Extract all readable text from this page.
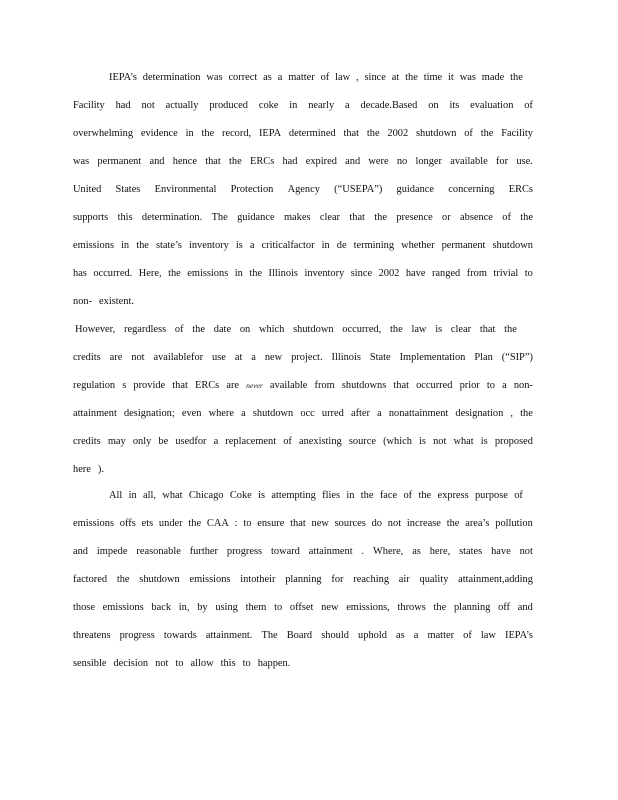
IEPA’s determination was correct as a matter of law , since at the time it was made the
Facility had not actually produced coke in nearly a decade.Based on its evaluation of
overwhelming evidence in the record, IEPA determined that the 2002 shutdown of the Facility
was permanent and hence that the ERCs had expired and were no longer available for use.
United States Environmental Protection Agency (“USEPA”) guidance concerning ERCs
supports this determination. The guidance makes clear that the presence or absence of the
emissions in the state’s inventory is a criticalfactor in de termining whether permanent shutdown
has occurred. Here, the emissions in the Illinois inventory since 2002 have ranged from trivial to
non- existent.
However, regardless of the date on which shutdown occurred, the law is clear that the
credits are not availablefor use at a new project. Illinois State Implementation Plan (“SIP”)
regulation s provide that ERCs are never available from shutdowns that occurred prior to a non-
attainment designation; even where a shutdown occ urred after a nonattainment designation , the
credits may only be usedfor a replacement of anexisting source (which is not what is proposed
here ).
All in all, what Chicago Coke is attempting flies in the face of the express purpose of
emissions offs ets under the CAA : to ensure that new sources do not increase the area’s pollution
and impede reasonable further progress toward attainment . Where, as here, states have not
factored the shutdown emissions intotheir planning for reaching air quality attainment,adding
those emissions back in, by using them to offset new emissions, throws the planning off and
threatens progress towards attainment. The Board should uphold as a matter of law IEPA’s
sensible decision not to allow this to happen.
